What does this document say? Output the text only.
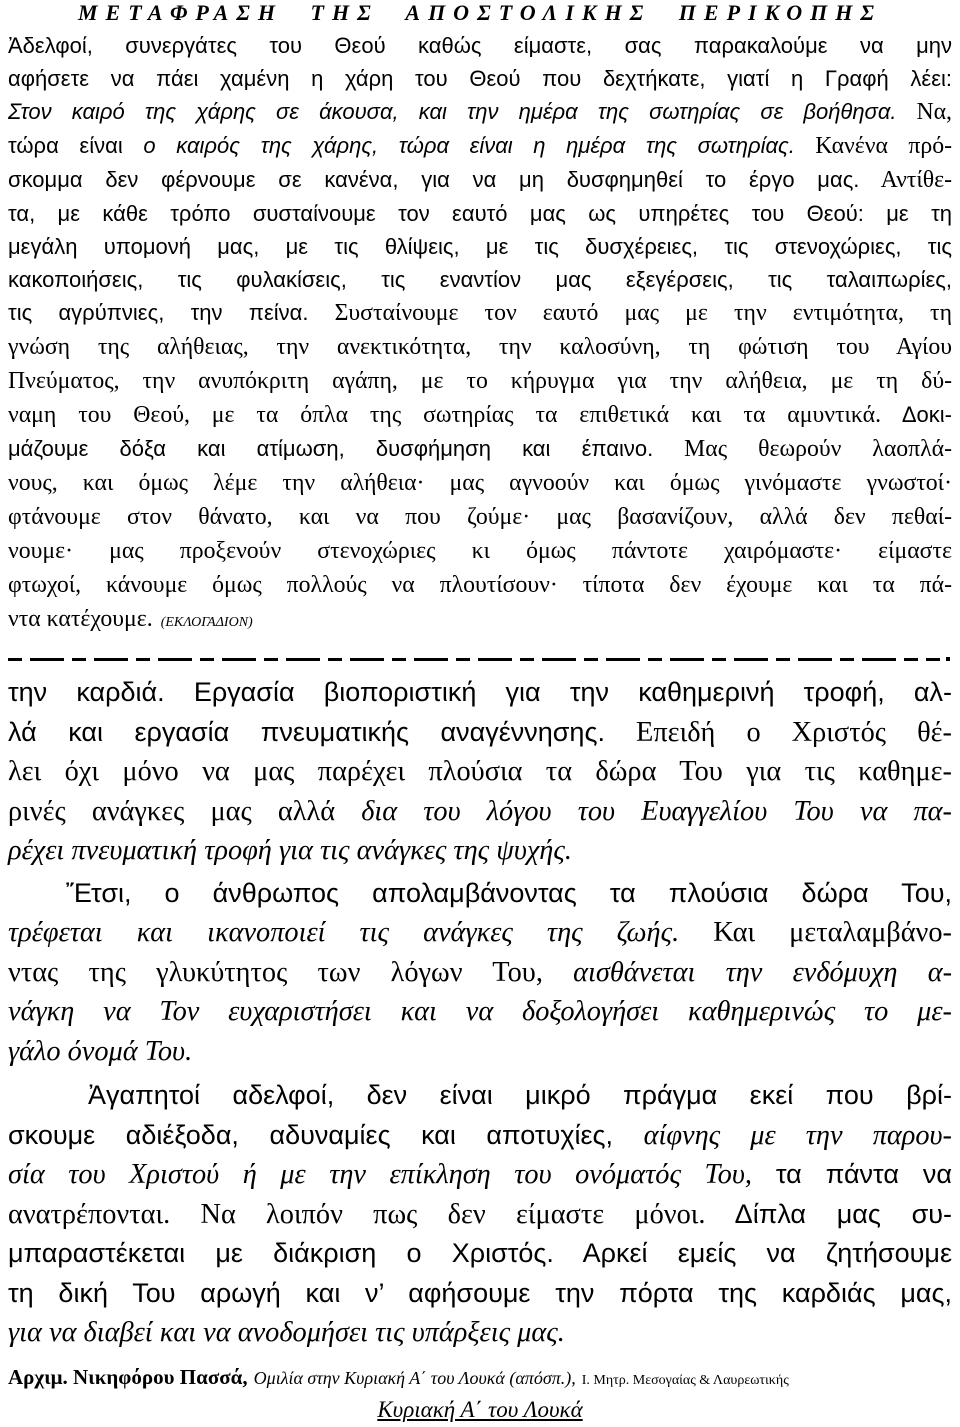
ΜΕΤΑΦΡΑΣΗ ΤΗΣ ΑΠΟΣΤΟΛΙΚΗΣ ΠΕΡΙΚΟΠΗΣ
Ἀδελφοί, συνεργάτες του Θεού καθώς είμαστε, σας παρακαλούμε να μην
αφήσετε να πάει χαμένη η χάρη του Θεού που δεχτήκατε, γιατί η Γραφή λέει:
Στον καιρό της χάρης σε άκουσα, και την ημέρα της σωτηρίας σε βοήθησα. Να,
τώρα είναι ο καιρός της χάρης, τώρα είναι η ημέρα της σωτηρίας. Κανένα πρό-
σκομμα δεν φέρνουμε σε κανένα, για να μη δυσφημηθεί το έργο μας. Αντίθε-
τα, με κάθε τρόπο συσταίνουμε τον εαυτό μας ως υπηρέτες του Θεού: με τη
μεγάλη υπομονή μας, με τις θλίψεις, με τις δυσχέρειες, τις στενοχώριες, τις
κακοποιήσεις, τις φυλακίσεις, τις εναντίον μας εξεγέρσεις, τις ταλαιπωρίες,
τις αγρύπνιες, την πείνα. Συσταίνουμε τον εαυτό μας με την εντιμότητα, τη
γνώση της αλήθειας, την ανεκτικότητα, την καλοσύνη, τη φώτιση του Αγίου
Πνεύματος, την ανυπόκριτη αγάπη, με το κήρυγμα για την αλήθεια, με τη δύ-
ναμη του Θεού, με τα όπλα της σωτηρίας τα επιθετικά και τα αμυντικά. Δοκι-
μάζουμε δόξα και ατίμωση, δυσφήμηση και έπαινο. Μας θεωρούν λαοπλά-
νους, και όμως λέμε την αλήθεια· μας αγνοούν και όμως γινόμαστε γνωστοί·
φτάνουμε στον θάνατο, και να που ζούμε· μας βασανίζουν, αλλά δεν πεθαί-
νουμε· μας προξενούν στενοχώριες κι όμως πάντοτε χαιρόμαστε· είμαστε
φτωχοί, κάνουμε όμως πολλούς να πλουτίσουν· τίποτα δεν έχουμε και τα πά-
ντα κατέχουμε. (ΕΚΛΟΓΑΔΙΟΝ)
την καρδιά. Εργασία βιοποριστική για την καθημερινή τροφή, αλ-
λά και εργασία πνευματικής αναγέννησης. Επειδή ο Χριστός θέ-
λει όχι μόνο να μας παρέχει πλούσια τα δώρα Του για τις καθημε-
ρινές ανάγκες μας αλλά δια του λόγου του Ευαγγελίου Του να πα-
ρέχει πνευματική τροφή για τις ανάγκες της ψυχής.
Ἔτσι, ο άνθρωπος απολαμβάνοντας τα πλούσια δώρα Του,
τρέφεται και ικανοποιεί τις ανάγκες της ζωής. Και μεταλαμβάνο-
ντας της γλυκύτητος των λόγων Του, αισθάνεται την ενδόμυχη α-
νάγκη να Τον ευχαριστήσει και να δοξολογήσει καθημερινώς το με-
γάλο όνομά Του.
Ἀγαπητοί αδελφοί, δεν είναι μικρό πράγμα εκεί που βρί-
σκουμε αδιέξοδα, αδυναμίες και αποτυχίες, αίφνης με την παρου-
σία του Χριστού ή με την επίκληση του ονόματός Του, τα πάντα να
ανατρέπονται. Να λοιπόν πως δεν είμαστε μόνοι. Δίπλα μας συ-
μπαραστέκεται με διάκριση ο Χριστός. Αρκεί εμείς να ζητήσουμε
τη δική Του αρωγή και ν’ αφήσουμε την πόρτα της καρδιάς μας,
για να διαβεί και να ανοδομήσει τις υπάρξεις μας.
Αρχιμ. Νικηφόρου Πασσά, Ομιλία στην Κυριακή Α΄ του Λουκά (απόσπ.), Ι. Μητρ. Μεσογαίας & Λαυρεωτικής
Κυριακή Α΄ του Λουκά
